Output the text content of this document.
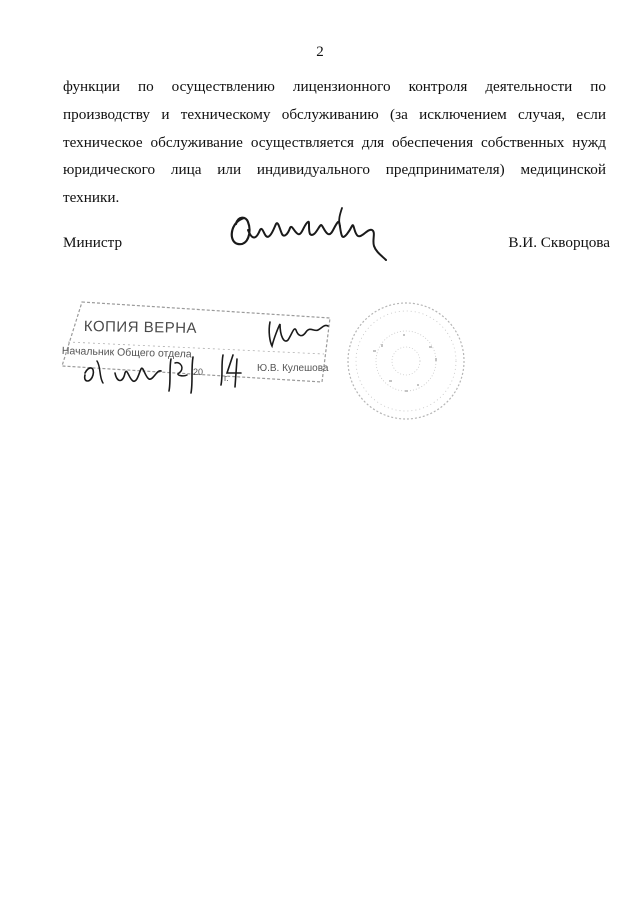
2

функции по осуществлению лицензионного контроля деятельности по производству и техническому обслуживанию (за исключением случая, если техническое обслуживание осуществляется для обеспечения собственных нужд юридического лица или индивидуального предпринимателя) медицинской техники.

Министр	В.И. Скворцова
КОПИЯ ВЕРНА
Начальник Общего отдела
20
г.
Ю.В. Кулешова
